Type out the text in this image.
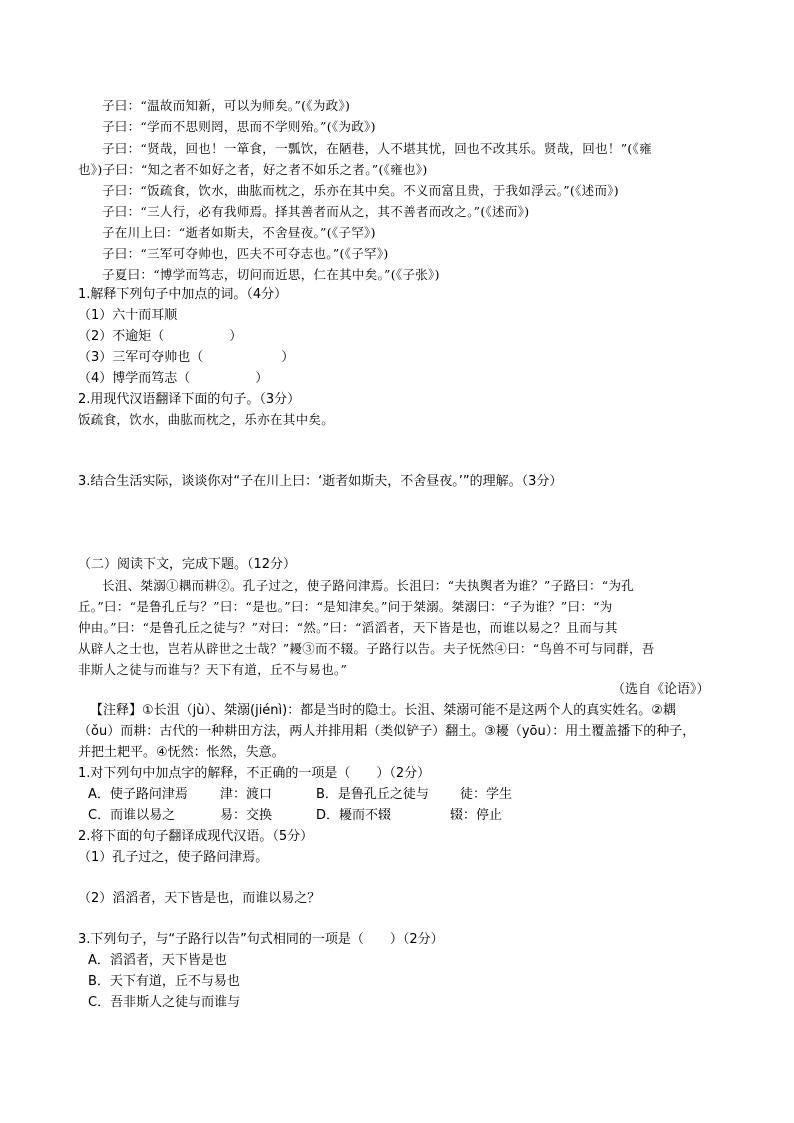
子曰：“温故而知新，可以为师矣。”(《为政》)
子曰：“学而不思则罔，思而不学则殆。”(《为政》)
子曰：“贤哉，回也！一箪食，一瓢饮，在陋巷，人不堪其忧，回也不改其乐。贤哉，回也！”(《雍
也》)子曰：“知之者不如好之者，好之者不如乐之者。”(《雍也》)
子曰：“饭疏食，饮水，曲肱而枕之，乐亦在其中矣。不义而富且贵，于我如浮云。”(《述而》)
子曰：“三人行，必有我师焉。择其善者而从之，其不善者而改之。”(《述而》)
子在川上曰：“逝者如斯夫，不舍昼夜。”(《子罕》)
子曰：“三军可夺帅也，匹夫不可夺志也。”(《子罕》)
子夏曰：“博学而笃志，切问而近思，仁在其中矣。”(《子张》)
1.解释下列句子中加点的词。（4分）
（1）六十而耳顺
（2）不逾矩（　　　　　）
（3）三军可夺帅也（　　　　　　）
（4）博学而笃志（　　　　　）
2.用现代汉语翻译下面的句子。（3分）
饭疏食，饮水，曲肱而枕之，乐亦在其中矣。
3.结合生活实际，谈谈你对“子在川上曰：‘逝者如斯夫，不舍昼夜。’”的理解。（3分）
（二）阅读下文，完成下题。（12分）
长沮、桀溺①耦而耕②。孔子过之，使子路问津焉。长沮曰：“夫执舆者为谁？”子路曰：“为孔
丘。”曰：“是鲁孔丘与？”曰：“是也。”曰：“是知津矣。”问于桀溺。桀溺曰：“子为谁？”曰：“为
仲由。”曰：“是鲁孔丘之徒与？”对曰：“然。”曰：“滔滔者，天下皆是也，而谁以易之？且而与其
从辟人之士也，岂若从辟世之士哉？”耰③而不辍。子路行以告。夫子怃然④曰：“鸟兽不可与同群，吾
非斯人之徒与而谁与？天下有道，丘不与易也。”
（选自《论语》）
【注释】①长沮（jù）、桀溺(jiénì)：都是当时的隐士。长沮、桀溺可能不是这两个人的真实姓名。②耦
（ǒu）而耕：古代的一种耕田方法，两人并排用耜（类似铲子）翻土。③耰（yōu）：用土覆盖播下的种子，
并把土耙平。④怃然：怅然，失意。
1.对下列句中加点字的解释，不正确的一项是（　　）（2分）
A．使子路问津焉 津：渡口	B．是鲁孔丘之徒与 徒：学生
C．而谁以易之	易：交换	D．耰而不辍	辍：停止
2.将下面的句子翻译成现代汉语。（5分）
（1）孔子过之，使子路问津焉。
（2）滔滔者，天下皆是也，而谁以易之？
3.下列句子，与“子路行以告”句式相同的一项是（　　）（2分）
A．滔滔者，天下皆是也
B．天下有道，丘不与易也
C．吾非斯人之徒与而谁与
